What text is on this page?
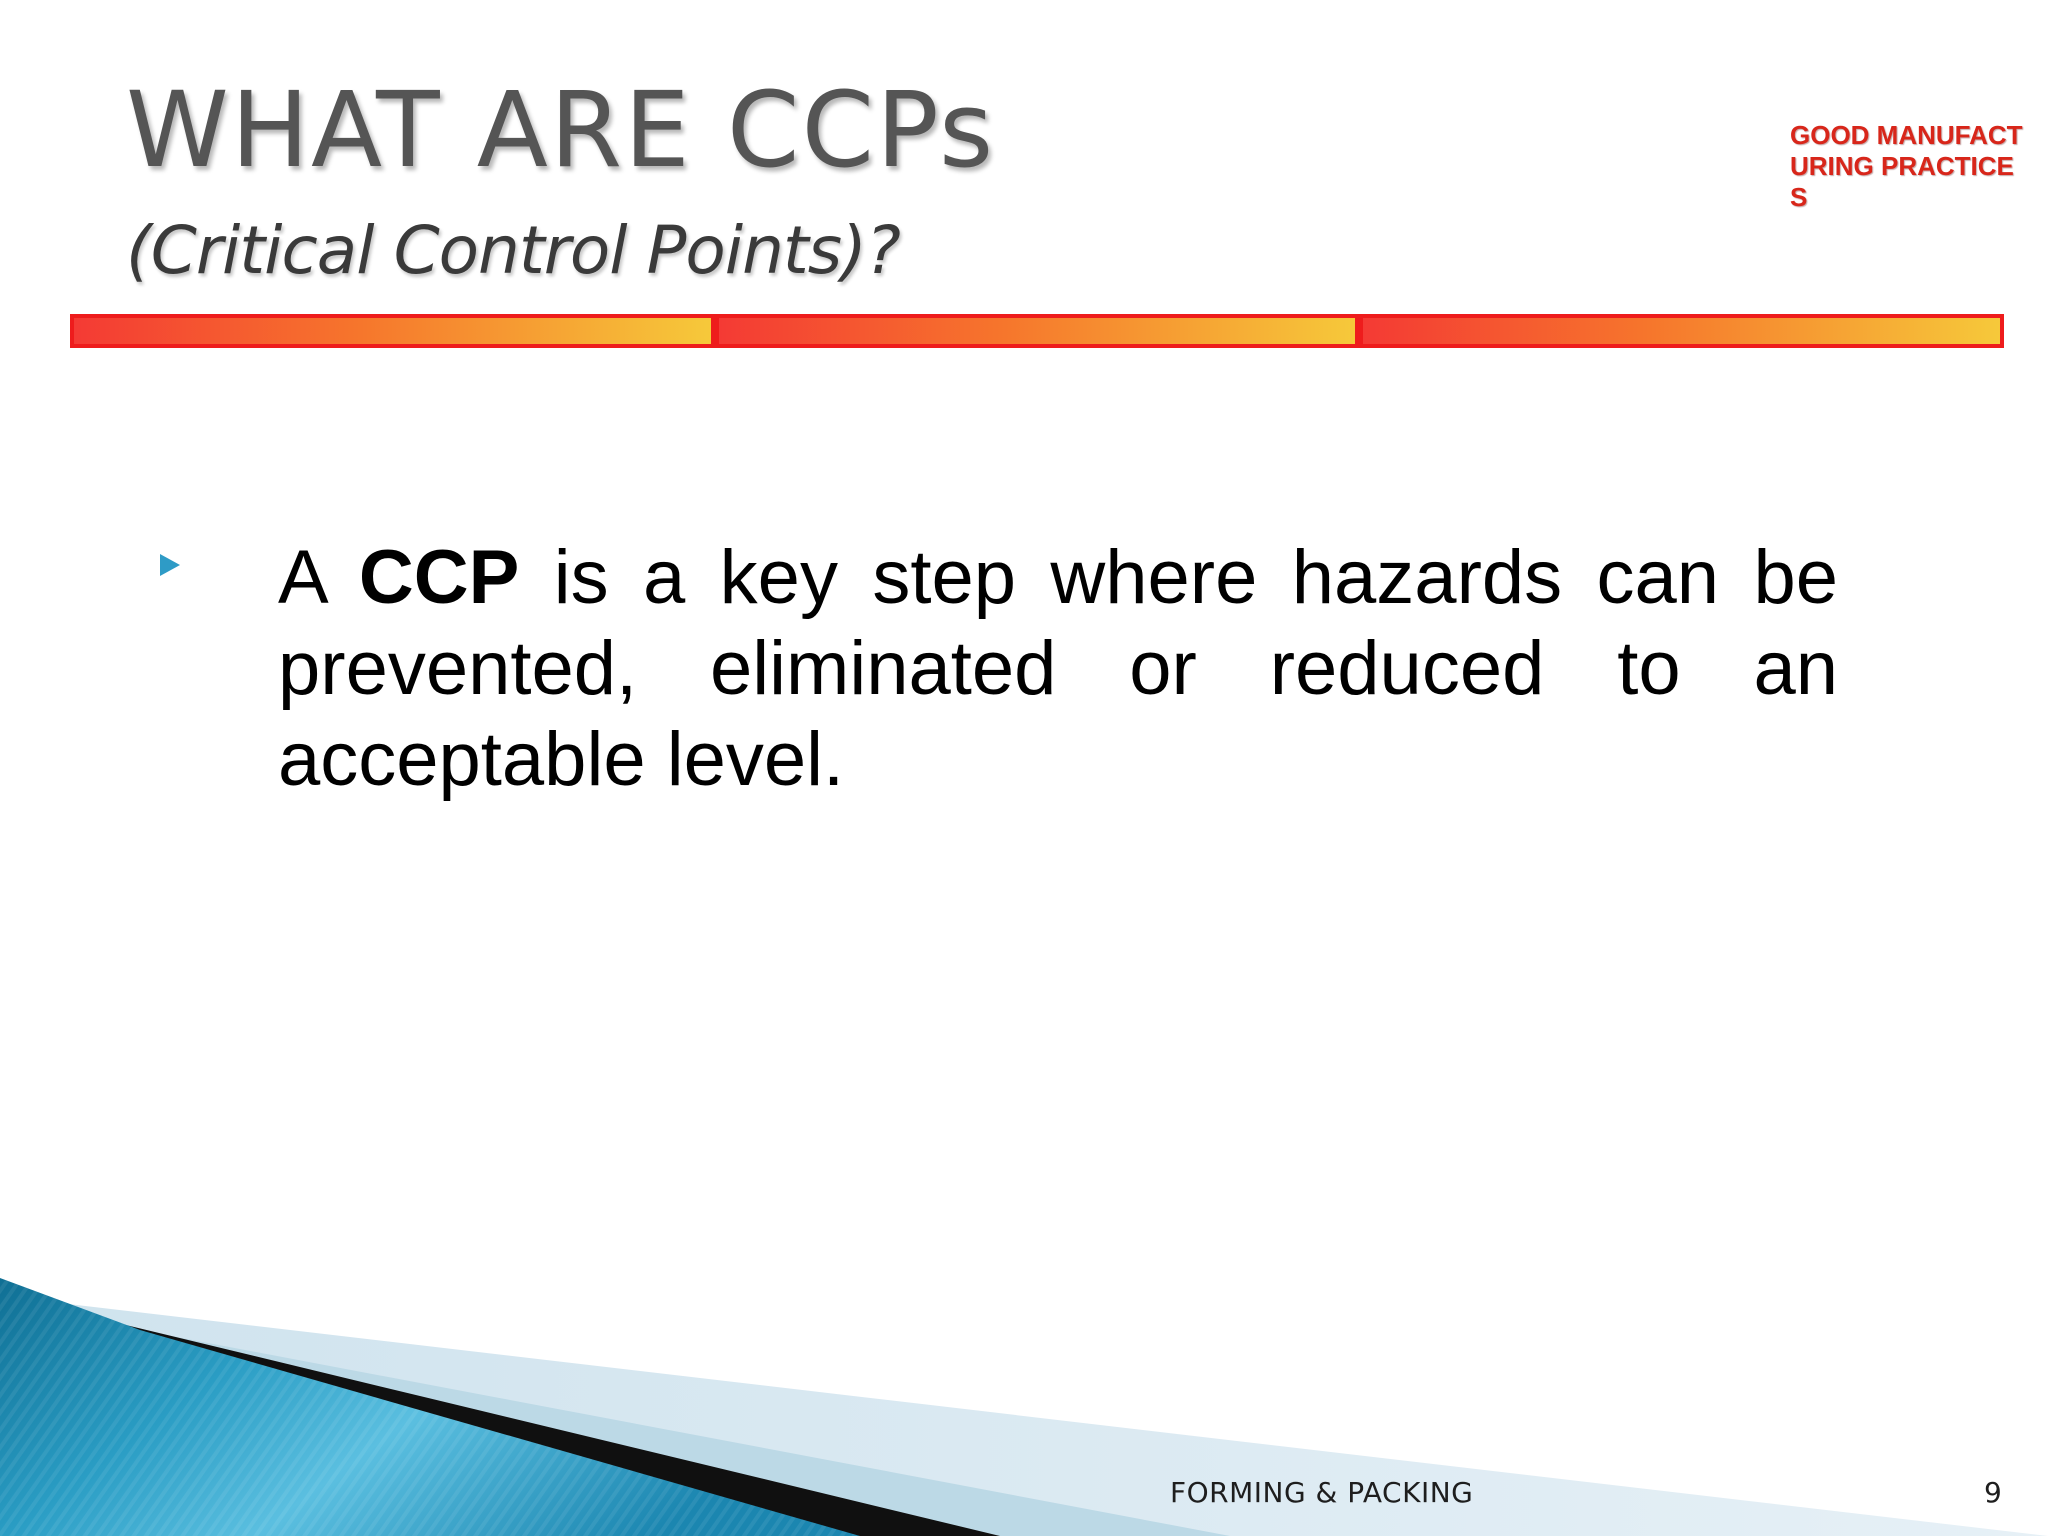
WHAT ARE CCPs
(Critical Control Points)?
GOOD MANUFACTURING PRACTICES

A CCP is a key step where hazards can be prevented, eliminated or reduced to an acceptable level.

FORMING & PACKING	9
